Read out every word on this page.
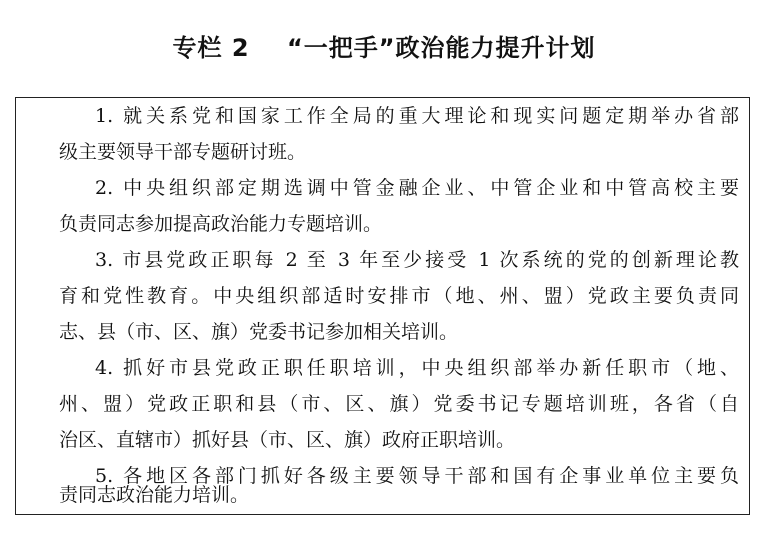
专栏 2 “一把手”政治能力提升计划
1. 就关系党和国家工作全局的重大理论和现实问题定期举办省部
级主要领导干部专题研讨班。
2. 中央组织部定期选调中管金融企业、中管企业和中管高校主要
负责同志参加提高政治能力专题培训。
3. 市县党政正职每 2 至 3 年至少接受 1 次系统的党的创新理论教
育和党性教育。中央组织部适时安排市（地、州、盟）党政主要负责同
志、县（市、区、旗）党委书记参加相关培训。
4. 抓好市县党政正职任职培训，中央组织部举办新任职市（地、
州、盟）党政正职和县（市、区、旗）党委书记专题培训班，各省（自
治区、直辖市）抓好县（市、区、旗）政府正职培训。
5. 各地区各部门抓好各级主要领导干部和国有企事业单位主要负
责同志政治能力培训。
